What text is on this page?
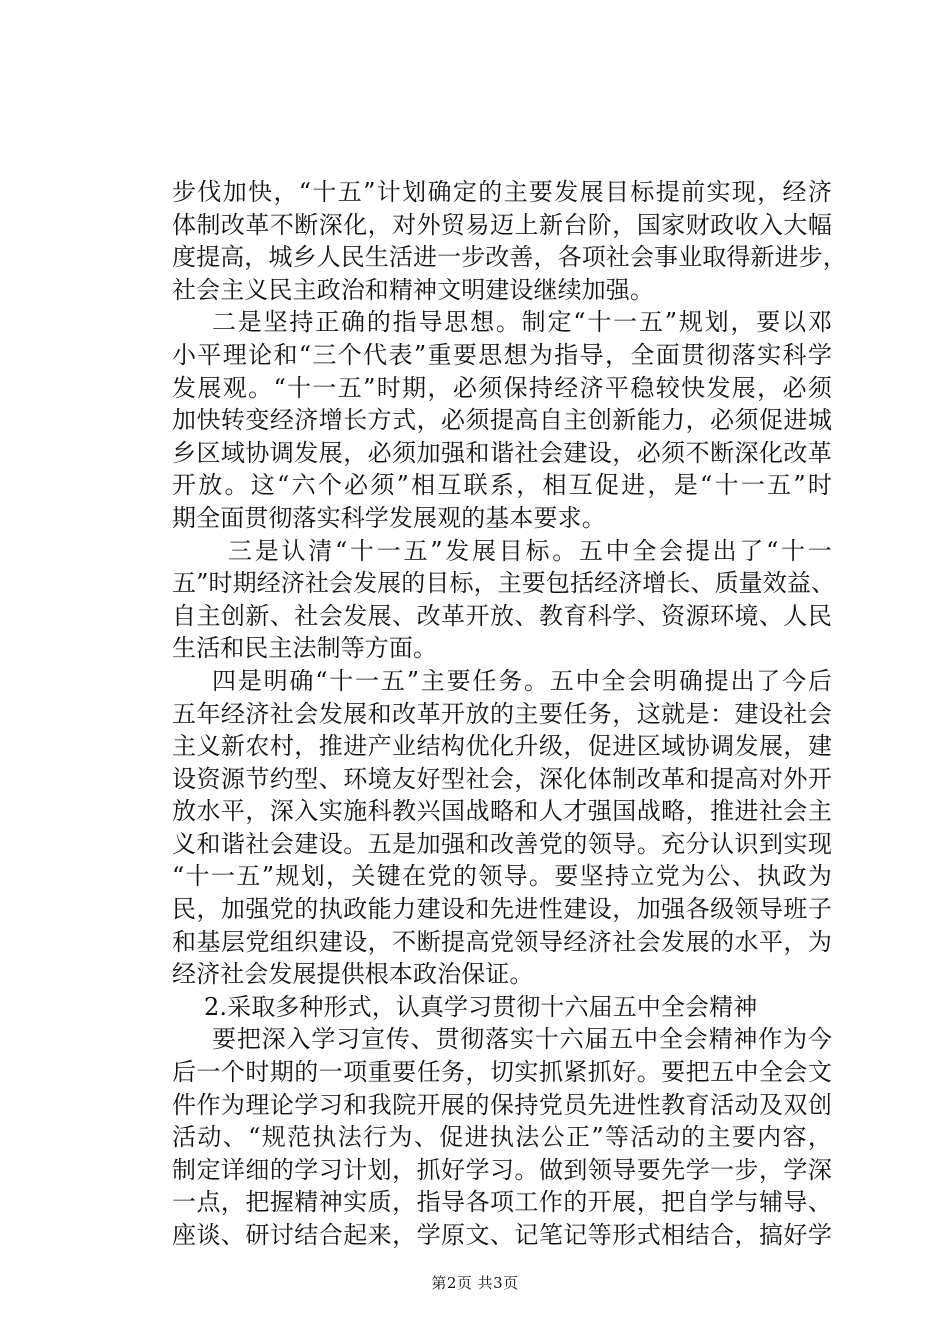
步伐加快，“十五”计划确定的主要发展目标提前实现，经济
体制改革不断深化，对外贸易迈上新台阶，国家财政收入大幅
度提高，城乡人民生活进一步改善，各项社会事业取得新进步，
社会主义民主政治和精神文明建设继续加强。
二是坚持正确的指导思想。制定“十一五”规划，要以邓
小平理论和“三个代表”重要思想为指导，全面贯彻落实科学
发展观。“十一五”时期，必须保持经济平稳较快发展，必须
加快转变经济增长方式，必须提高自主创新能力，必须促进城
乡区域协调发展，必须加强和谐社会建设，必须不断深化改革
开放。这“六个必须”相互联系，相互促进，是“十一五”时
期全面贯彻落实科学发展观的基本要求。
三是认清“十一五”发展目标。五中全会提出了“十一
五”时期经济社会发展的目标，主要包括经济增长、质量效益、
自主创新、社会发展、改革开放、教育科学、资源环境、人民
生活和民主法制等方面。
四是明确“十一五”主要任务。五中全会明确提出了今后
五年经济社会发展和改革开放的主要任务，这就是：建设社会
主义新农村，推进产业结构优化升级，促进区域协调发展，建
设资源节约型、环境友好型社会，深化体制改革和提高对外开
放水平，深入实施科教兴国战略和人才强国战略，推进社会主
义和谐社会建设。五是加强和改善党的领导。充分认识到实现
“十一五”规划，关键在党的领导。要坚持立党为公、执政为
民，加强党的执政能力建设和先进性建设，加强各级领导班子
和基层党组织建设，不断提高党领导经济社会发展的水平，为
经济社会发展提供根本政治保证。
2.采取多种形式，认真学习贯彻十六届五中全会精神
要把深入学习宣传、贯彻落实十六届五中全会精神作为今
后一个时期的一项重要任务，切实抓紧抓好。要把五中全会文
件作为理论学习和我院开展的保持党员先进性教育活动及双创
活动、“规范执法行为、促进执法公正”等活动的主要内容，
制定详细的学习计划，抓好学习。做到领导要先学一步，学深
一点，把握精神实质，指导各项工作的开展，把自学与辅导、
座谈、研讨结合起来，学原文、记笔记等形式相结合，搞好学
第2页 共3页
